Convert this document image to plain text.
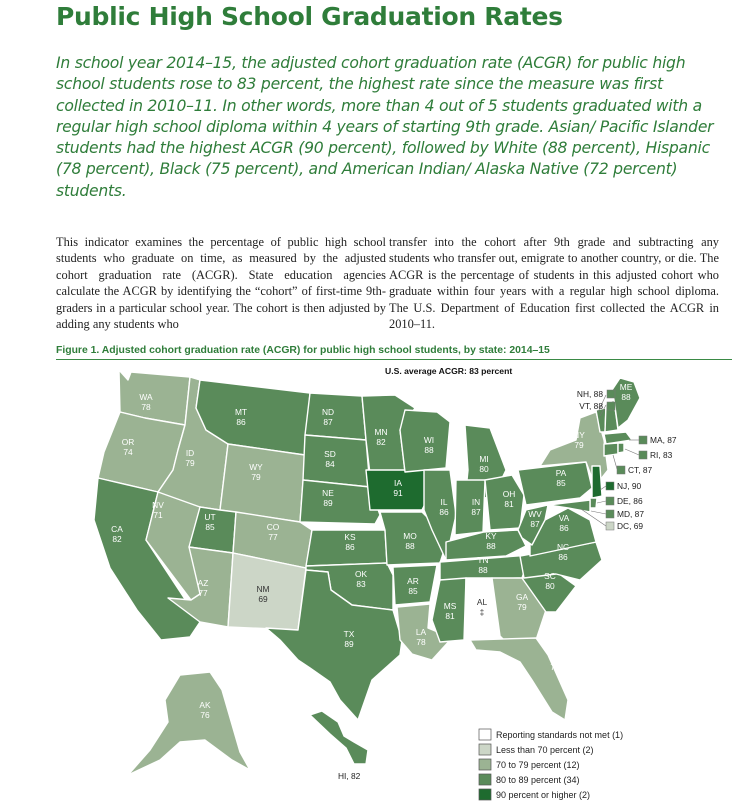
Public High School Graduation Rates

In school year 2014–15, the adjusted cohort graduation rate (ACGR) for public high school students rose to 83 percent, the highest rate since the measure was first collected in 2010–11. In other words, more than 4 out of 5 students graduated with a regular high school diploma within 4 years of starting 9th grade. Asian/ Pacific Islander students had the highest ACGR (90 percent), followed by White (88 percent), Hispanic (78 percent), Black (75 percent), and American Indian/ Alaska Native (72 percent) students.

This indicator examines the percentage of public high school students who graduate on time, as measured by the adjusted cohort graduation rate (ACGR). State education agencies calculate the ACGR by identifying the “cohort” of first-time 9th-graders in a particular school year. The cohort is then adjusted by adding any students who

transfer into the cohort after 9th grade and subtracting any students who transfer out, emigrate to another country, or die. The ACGR is the percentage of students in this adjusted cohort who graduate within four years with a regular high school diploma. The U.S. Department of Education first collected the ACGR in 2010–11.

Figure 1. Adjusted cohort graduation rate (ACGR) for public high school students, by state: 2014–15

WA
78
OR
74
CA
82
NV
71
ID
79
MT
86
WY
79
UT
85	CO
77
AZ
77	NM
69
ND
87
SD
84
NE
89
KS
86
OK
83
TX
89
MN
82
IA
91
MO
88
AR
85
LA
78
WI
88
IL
86
MI
80
IN
87
OH
81
KY
88
TN
88
MS
81
AL
‡
GA
79
FL
78
SC
80
NC
86
VA
86
WV
87
PA
85
NY
79
ME
88
AK
76
NH, 88
VT, 88
MA, 87
RI, 83
CT, 87
NJ, 90
DE, 86
MD, 87
DC, 69
HI, 82
U.S. average ACGR: 83 percent
Reporting standards not met (1)
Less than 70 percent (2)
70 to 79 percent (12)
80 to 89 percent (34)
90 percent or higher (2)
